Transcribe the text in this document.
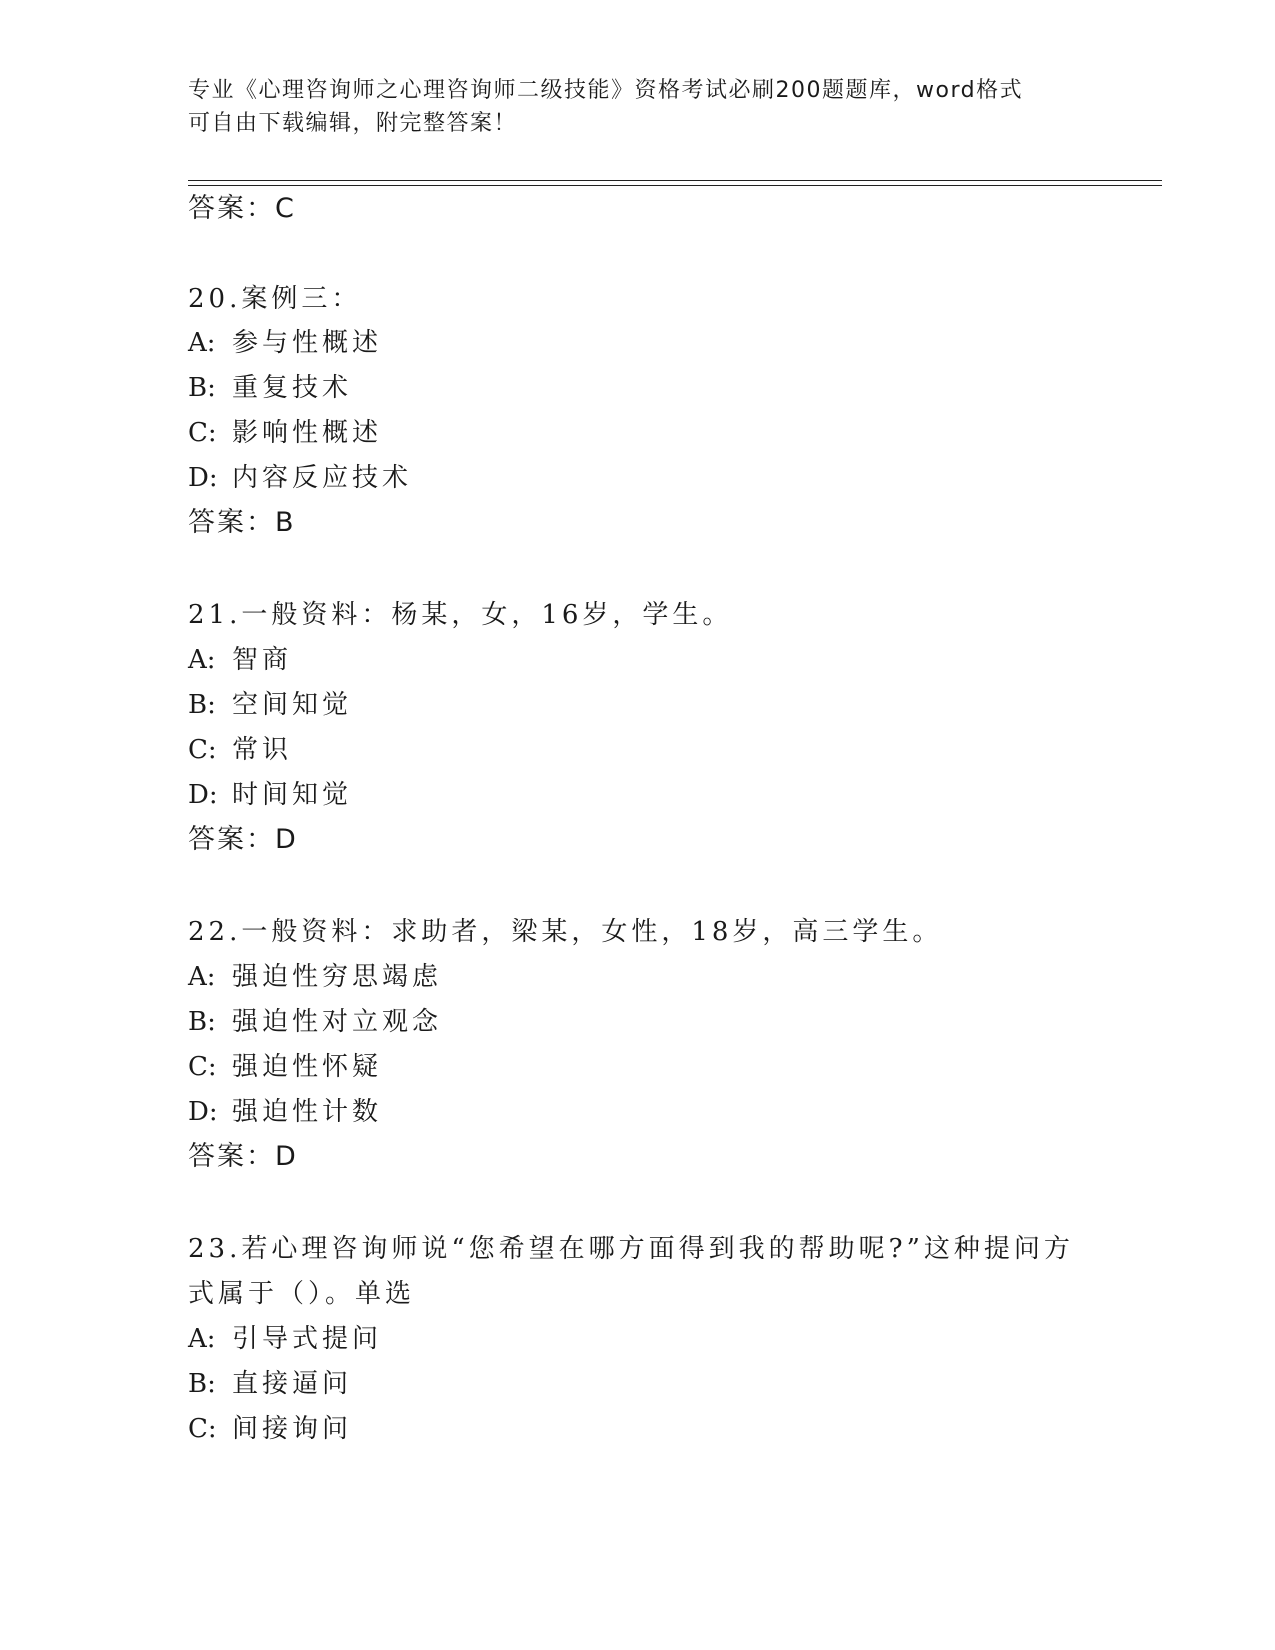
专业《心理咨询师之心理咨询师二级技能》资格考试必刷200题题库，word格式
可自由下载编辑，附完整答案！
答案：C
20.案例三：
A: 参与性概述
B: 重复技术
C: 影响性概述
D: 内容反应技术
答案：B
21.一般资料：杨某，女，16岁，学生。
A: 智商
B: 空间知觉
C: 常识
D: 时间知觉
答案：D
22.一般资料：求助者，梁某，女性，18岁，高三学生。
A: 强迫性穷思竭虑
B: 强迫性对立观念
C: 强迫性怀疑
D: 强迫性计数
答案：D
23.若心理咨询师说“您希望在哪方面得到我的帮助呢?”这种提问方
式属于（）。单选
A: 引导式提问
B: 直接逼问
C: 间接询问
